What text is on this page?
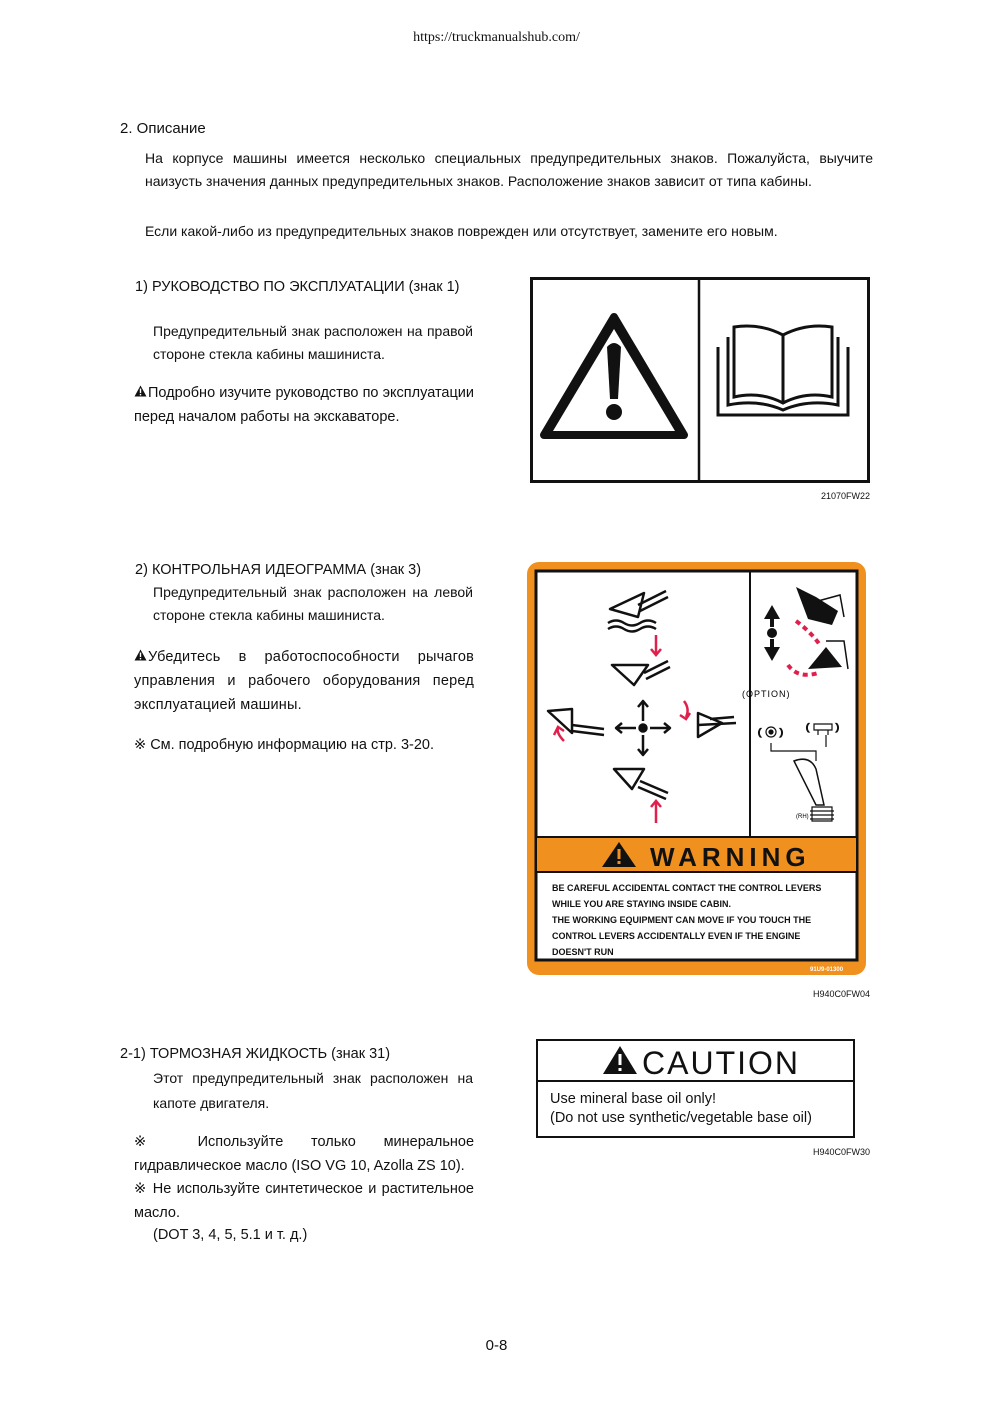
https://truckmanualshub.com/
2. Описание
На корпусе машины имеется несколько специальных предупредительных знаков. Пожалуйста, выучите наизусть значения данных предупредительных знаков. Расположение знаков зависит от типа кабины.
Если какой-либо из предупредительных знаков поврежден или отсутствует, замените его новым.
1) РУКОВОДСТВО ПО ЭКСПЛУАТАЦИИ (знак 1)
Предупредительный знак расположен на правой стороне стекла кабины машиниста.
Подробно изучите руководство по эксплуатации перед началом работы на экскаваторе.
21070FW22
2) КОНТРОЛЬНАЯ ИДЕОГРАММА (знак 3)
Предупредительный знак расположен на левой стороне стекла кабины машиниста.
Убедитесь в работоспособности рычагов управления и рабочего оборудования перед эксплуатацией машины.
※ См. подробную информацию на стр. 3-20.
(OPTION)
( )	(	)
(RH)
WARNING
BE CAREFUL ACCIDENTAL CONTACT THE CONTROL LEVERS
WHILE YOU ARE STAYING INSIDE CABIN.
THE WORKING EQUIPMENT CAN MOVE IF YOU TOUCH THE
CONTROL LEVERS ACCIDENTALLY EVEN IF THE ENGINE
DOESN'T RUN
91U9-01300
H940C0FW04
2-1) ТОРМОЗНАЯ ЖИДКОСТЬ (знак 31)
Этот предупредительный знак расположен на капоте двигателя.
※ Используйте только минеральное гидравлическое масло (ISO VG 10, Azolla ZS 10).
※ Не используйте синтетическое и растительное масло.
(DOT 3, 4, 5, 5.1 и т. д.)
CAUTION
Use mineral base oil only!
(Do not use synthetic/vegetable base oil)
H940C0FW30
0-8
